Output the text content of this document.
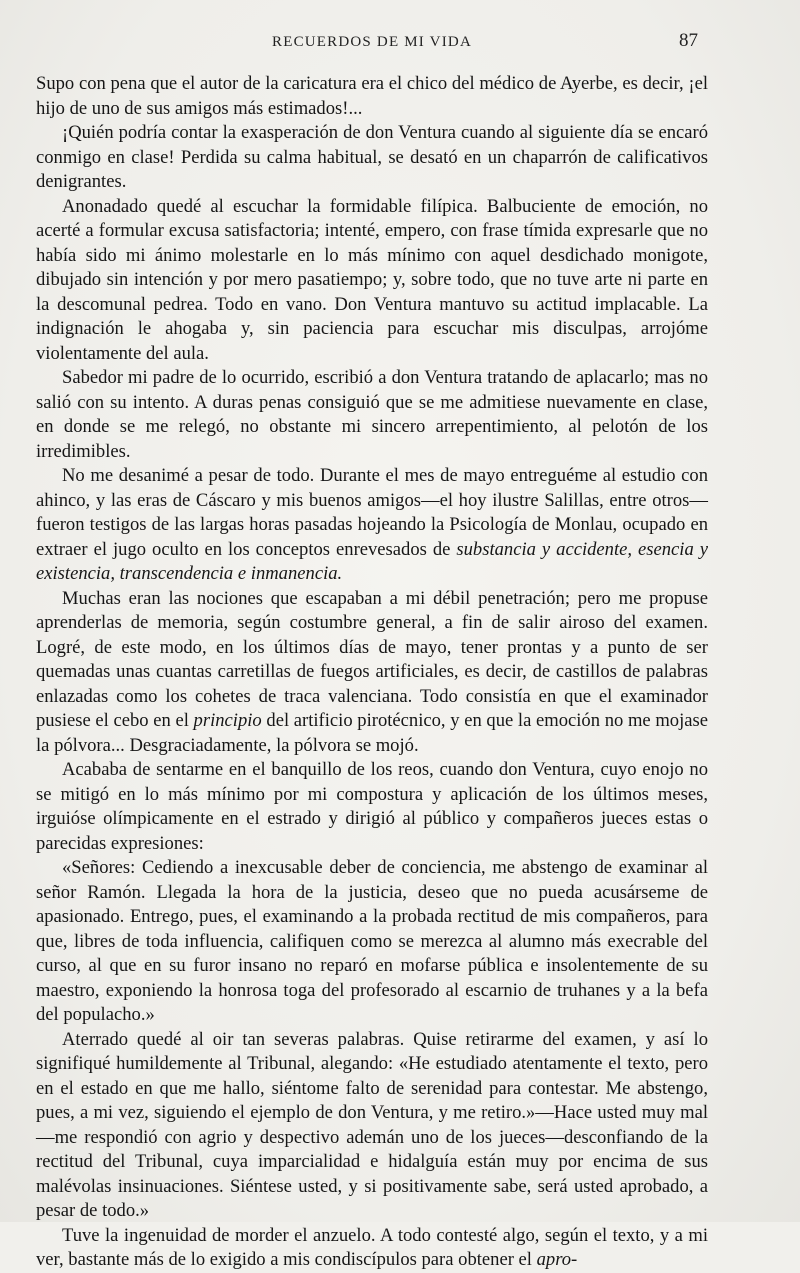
RECUERDOS DE MI VIDA	87

Supo con pena que el autor de la caricatura era el chico del médico de Ayerbe, es decir, ¡el hijo de uno de sus amigos más estimados!...

¡Quién podría contar la exasperación de don Ventura cuando al siguiente día se encaró conmigo en clase! Perdida su calma habitual, se desató en un chaparrón de calificativos denigrantes.

Anonadado quedé al escuchar la formidable filípica. Balbuciente de emoción, no acerté a formular excusa satisfactoria; intenté, empero, con frase tímida expresarle que no había sido mi ánimo molestarle en lo más mínimo con aquel desdichado monigote, dibujado sin intención y por mero pasatiempo; y, sobre todo, que no tuve arte ni parte en la descomunal pedrea. Todo en vano. Don Ventura mantuvo su actitud implacable. La indignación le ahogaba y, sin paciencia para escuchar mis disculpas, arrojóme violentamente del aula.

Sabedor mi padre de lo ocurrido, escribió a don Ventura tratando de aplacarlo; mas no salió con su intento. A duras penas consiguió que se me admitiese nuevamente en clase, en donde se me relegó, no obstante mi sincero arrepentimiento, al pelotón de los irredimibles.

No me desanimé a pesar de todo. Durante el mes de mayo entreguéme al estudio con ahinco, y las eras de Cáscaro y mis buenos amigos—el hoy ilustre Salillas, entre otros—fueron testigos de las largas horas pasadas hojeando la Psicología de Monlau, ocupado en extraer el jugo oculto en los conceptos enrevesados de substancia y accidente, esencia y existencia, transcendencia e inmanencia.

Muchas eran las nociones que escapaban a mi débil penetración; pero me propuse aprenderlas de memoria, según costumbre general, a fin de salir airoso del examen. Logré, de este modo, en los últimos días de mayo, tener prontas y a punto de ser quemadas unas cuantas carretillas de fuegos artificiales, es decir, de castillos de palabras enlazadas como los cohetes de traca valenciana. Todo consistía en que el examinador pusiese el cebo en el principio del artificio pirotécnico, y en que la emoción no me mojase la pólvora... Desgraciadamente, la pólvora se mojó.

Acababa de sentarme en el banquillo de los reos, cuando don Ventura, cuyo enojo no se mitigó en lo más mínimo por mi compostura y aplicación de los últimos meses, irguióse olímpicamente en el estrado y dirigió al público y compañeros jueces estas o parecidas expresiones:

«Señores: Cediendo a inexcusable deber de conciencia, me abstengo de examinar al señor Ramón. Llegada la hora de la justicia, deseo que no pueda acusárseme de apasionado. Entrego, pues, el examinando a la probada rectitud de mis compañeros, para que, libres de toda influencia, califiquen como se merezca al alumno más execrable del curso, al que en su furor insano no reparó en mofarse pública e insolentemente de su maestro, exponiendo la honrosa toga del profesorado al escarnio de truhanes y a la befa del populacho.»

Aterrado quedé al oir tan severas palabras. Quise retirarme del examen, y así lo signifiqué humildemente al Tribunal, alegando: «He estudiado atentamente el texto, pero en el estado en que me hallo, siéntome falto de serenidad para contestar. Me abstengo, pues, a mi vez, siguiendo el ejemplo de don Ventura, y me retiro.»—Hace usted muy mal—me respondió con agrio y despectivo ademán uno de los jueces—desconfiando de la rectitud del Tribunal, cuya imparcialidad e hidalguía están muy por encima de sus malévolas insinuaciones. Siéntese usted, y si positivamente sabe, será usted aprobado, a pesar de todo.»

Tuve la ingenuidad de morder el anzuelo. A todo contesté algo, según el texto, y a mi ver, bastante más de lo exigido a mis condiscípulos para obtener el apro-
